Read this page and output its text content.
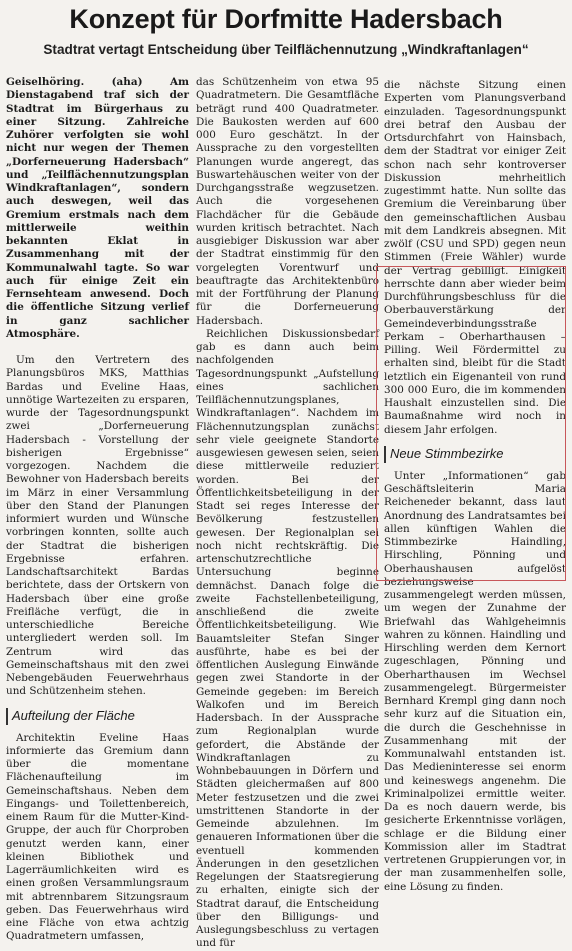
Konzept für Dorfmitte Hadersbach
Stadtrat vertagt Entscheidung über Teilflächennutzung „Windkraftanlagen“

Geiselhöring. (aha) Am Dienstagabend traf sich der Stadtrat im Bürgerhaus zu einer Sitzung. Zahlreiche Zuhörer verfolgten sie wohl nicht nur wegen der Themen „Dorferneuerung Hadersbach“ und „Teilflächennutzungsplan Windkraftanlagen“, sondern auch deswegen, weil das Gremium erstmals nach dem mittlerweile weithin bekannten Eklat in Zusammenhang mit der Kommunalwahl tagte. So war auch für einige Zeit ein Fernsehteam anwesend. Doch die öffentliche Sitzung verlief in ganz sachlicher Atmosphäre.

Um den Vertretern des Planungsbüros MKS, Matthias Bardas und Eveline Haas, unnötige Wartezeiten zu ersparen, wurde der Tagesordnungspunkt zwei „Dorferneuerung Hadersbach - Vorstellung der bisherigen Ergebnisse“ vorgezogen. Nachdem die Bewohner von Hadersbach bereits im März in einer Versammlung über den Stand der Planungen informiert wurden und Wünsche vorbringen konnten, sollte auch der Stadtrat die bisherigen Ergebnisse erfahren. Landschaftsarchitekt Bardas berichtete, dass der Ortskern von Hadersbach über eine große Freifläche verfügt, die in unterschiedliche Bereiche untergliedert werden soll. Im Zentrum wird das Gemeinschaftshaus mit den zwei Nebengebäuden Feuerwehrhaus und Schützenheim stehen.

Aufteilung der Fläche

Architektin Eveline Haas informierte das Gremium dann über die momentane Flächenaufteilung im Gemeinschaftshaus. Neben dem Eingangs- und Toilettenbereich, einem Raum für die Mutter-Kind-Gruppe, der auch für Chorproben genutzt werden kann, einer kleinen Bibliothek und Lagerräumlichkeiten wird es einen großen Versammlungsraum mit abtrennbarem Sitzungsraum geben. Das Feuerwehrhaus wird eine Fläche von etwa achtzig Quadratmetern umfassen,

das Schützenheim von etwa 95 Quadratmetern. Die Gesamtfläche beträgt rund 400 Quadratmeter. Die Baukosten werden auf 600 000 Euro geschätzt. In der Aussprache zu den vorgestellten Planungen wurde angeregt, das Buswartehäuschen weiter von der Durchgangsstraße wegzusetzen. Auch die vorgesehenen Flachdächer für die Gebäude wurden kritisch betrachtet. Nach ausgiebiger Diskussion war aber der Stadtrat einstimmig für den vorgelegten Vorentwurf und beauftragte das Architektenbüro mit der Fortführung der Planung für die Dorferneuerung Hadersbach.

Reichlichen Diskussionsbedarf gab es dann auch beim nachfolgenden Tagesordnungspunkt „Aufstellung eines sachlichen Teilflächennutzungsplanes, Windkraftanlagen“. Nachdem im Flächennutzungsplan zunächst sehr viele geeignete Standorte ausgewiesen gewesen seien, seien diese mittlerweile reduziert worden. Bei der Öffentlichkeitsbeteiligung in der Stadt sei reges Interesse der Bevölkerung festzustellen gewesen. Der Regionalplan sei noch nicht rechtskräftig. Die artenschutzrechtliche Untersuchung beginne demnächst. Danach folge die zweite Fachstellenbeteiligung, anschließend die zweite Öffentlichkeitsbeteiligung. Wie Bauamtsleiter Stefan Singer ausführte, habe es bei der öffentlichen Auslegung Einwände gegen zwei Standorte in der Gemeinde gegeben: im Bereich Walkofen und im Bereich Hadersbach. In der Aussprache zum Regionalplan wurde gefordert, die Abstände der Windkraftanlagen zu Wohnbebauungen in Dörfern und Städten gleichermaßen auf 800 Meter festzusetzen und die zwei umstrittenen Standorte in der Gemeinde abzulehnen. Im genaueren Informationen über die eventuell kommenden Änderungen in den gesetzlichen Regelungen der Staatsregierung zu erhalten, einigte sich der Stadtrat darauf, die Entscheidung über den Billigungs- und Auslegungsbeschluss zu vertagen und für

die nächste Sitzung einen Experten vom Planungsverband einzuladen. Tagesordnungspunkt drei betraf den Ausbau der Ortsdurchfahrt von Hainsbach, dem der Stadtrat vor einiger Zeit schon nach sehr kontroverser Diskussion mehrheitlich zugestimmt hatte. Nun sollte das Gremium die Vereinbarung über den gemeinschaftlichen Ausbau mit dem Landkreis absegnen. Mit zwölf (CSU und SPD) gegen neun Stimmen (Freie Wähler) wurde der Vertrag gebilligt. Einigkeit herrschte dann aber wieder beim Durchführungsbeschluss für die Oberbauverstärkung der Gemeindeverbindungsstraße Perkam – Oberharthausen – Pilling. Weil Fördermittel zu erhalten sind, bleibt für die Stadt letztlich ein Eigenanteil von rund 300 000 Euro, die im kommenden Haushalt einzustellen sind. Die Baumaßnahme wird noch in diesem Jahr erfolgen.

Neue Stimmbezirke

Unter „Informationen“ gab Geschäftsleiterin Maria Reicheneder bekannt, dass laut Anordnung des Landratsamtes bei allen künftigen Wahlen die Stimmbezirke Haindling, Hirschling, Pönning und Oberhaushausen aufgelöst beziehungsweise zusammengelegt werden müssen, um wegen der Zunahme der Briefwahl das Wahlgeheimnis wahren zu können. Haindling und Hirschling werden dem Kernort zugeschlagen, Pönning und Oberharthausen im Wechsel zusammengelegt. Bürgermeister Bernhard Krempl ging dann noch sehr kurz auf die Situation ein, die durch die Geschehnisse in Zusammenhang mit der Kommunalwahl entstanden ist. Das Medieninteresse sei enorm und keineswegs angenehm. Die Kriminalpolizei ermittle weiter. Da es noch dauern werde, bis gesicherte Erkenntnisse vorlägen, schlage er die Bildung einer Kommission aller im Stadtrat vertretenen Gruppierungen vor, in der man zusammenhelfen solle, eine Lösung zu finden.
